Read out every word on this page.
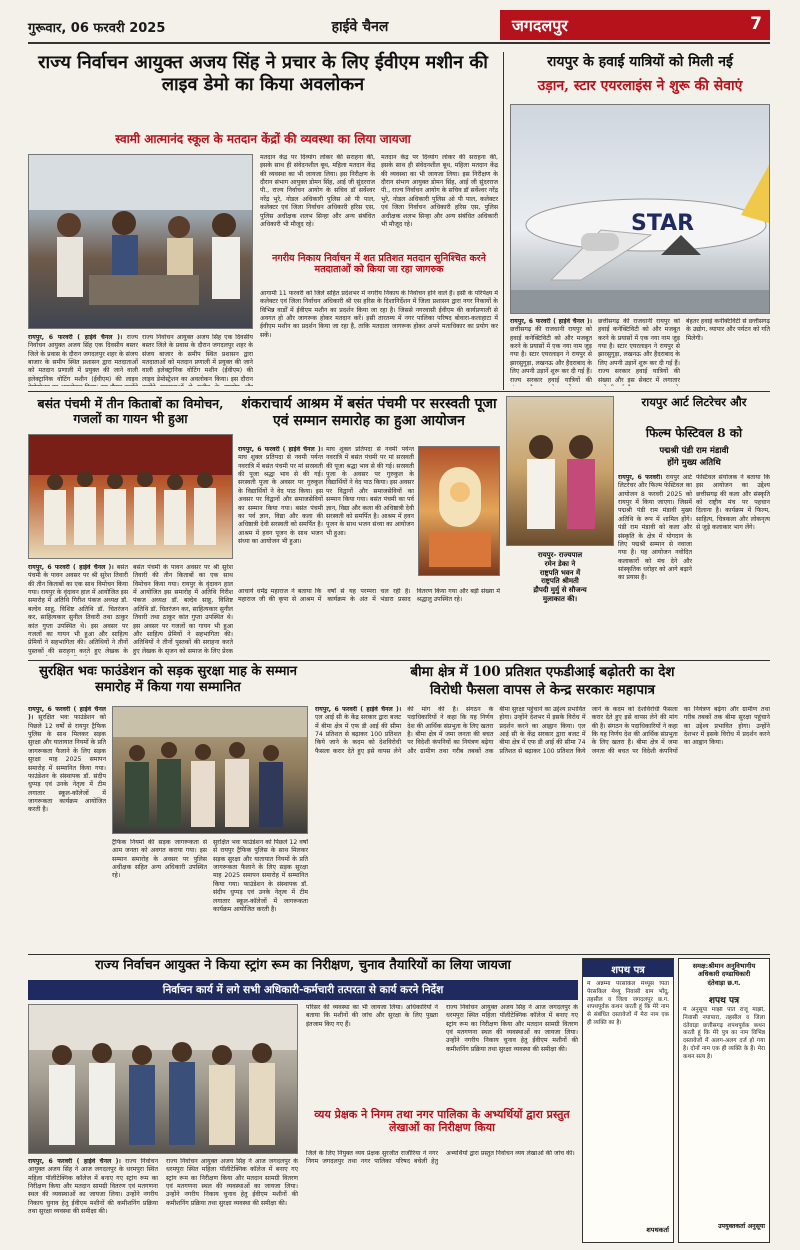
गुरूवार, 06 फरवरी 2025	हाईवे चैनल	जगदलपुर	7
राज्य निर्वाचन आयुक्त अजय सिंह ने प्रचार के लिए ईवीएम मशीन की लाइव डेमो का किया अवलोकन
स्वामी आत्मानंद स्कूल के मतदान केंद्रों की व्यवस्था का लिया जायजा
रायपुर, 6 फरवरी ( हाईवे चैनल )। राज्य निर्वाचन आयुक्त अजय सिंह एक दिवसीय बस्तर जिले के प्रवास के दौरान जगदलपुर शहर के संजय बाजार के समीप स्थित प्रशासन द्वारा मतदाताओं को मतदान प्रणाली में प्रयुक्त की जाने वाली इलेक्ट्रानिक वोटिंग मशीन (ईवीएम) की लाइव
राज्य निर्वाचन आयुक्त अजय सिंह एक दिवसीय बस्तर जिले के प्रवास के दौरान जगदलपुर शहर के संजय बाजार के समीप स्थित प्रशासन द्वारा मतदाताओं को मतदान प्रणाली में प्रयुक्त की जाने वाली इलेक्ट्रानिक वोटिंग मशीन (ईवीएम) की लाइव डेमोस्ट्रेशन का अवलोकन किया। इस दौरान
मतदान केंद्र पर दिव्यांग लोकर की सराहना की, इसके साथ ही संवेदनशील बूथ, महिला मतदान केंद्र की व्यवस्था का भी जायजा लिया। इस निरीक्षण के दौरान संभाग आयुक्त डोमन सिंह, आई जी सुंदरराज पी., राज्य निर्वाचन आयोग के सचिव डॉ सर्वेश्वर नरेंद्र भुरे, नोडल अधिकारी पुलिस ओ पी पाल, कलेक्टर एवं जिला निर्वाचन अधिकारी हरिस एस, पुलिस अधीक्षक शलभ सिन्हा और अन्य संबंधित अधिकारी भी मौजूद रहे।
मतदान केंद्र पर दिव्यांग लोकर की सराहना की, इसके साथ ही संवेदनशील बूथ, महिला मतदान केंद्र की व्यवस्था का भी जायजा लिया। इस निरीक्षण के दौरान संभाग आयुक्त डोमन सिंह, आई जी सुंदरराज पी., राज्य निर्वाचन आयोग के सचिव डॉ सर्वेश्वर नरेंद्र भुरे, नोडल अधिकारी पुलिस ओ पी पाल, कलेक्टर एवं जिला निर्वाचन अधिकारी हरिस एस, पुलिस अधीक्षक शलभ सिन्हा और अन्य संबंधित अधिकारी भी मौजूद रहे।
नगरीय निकाय निर्वाचन में शत प्रतिशत मतदान सुनिश्चित करने मतदाताओं को किया जा रहा जागरुक
आगामी 11 फरवरी को जिले सहित प्रदेशभर में नगरीय निकाय के निर्वाचन होने वाले हैं। इसी के परिपेक्ष्य में कलेक्टर एवं जिला निर्वाचन अधिकारी श्री एस हरिस के दिशानिर्देशन में जिला प्रशासन द्वारा नगर निकायों के विभिन्न वार्डों में ईवीएम मशीन का प्रदर्शन किया जा रहा है। जिससे नगरवासी ईवीएम की कार्यप्रणाली से अवगत हो और जागरूक होकर मतदान करें। इसी तारतम्य में नगर पालिका परिषद बोवारा-कलाहाटा में ईवीएम मशीन का प्रदर्शन किया जा रहा है, ताकि मतदाता जागरूक होकर अपने मताधिकार का प्रयोग कर सकें।
रायपुर के हवाई यात्रियों को मिली नई
उड़ान, स्टार एयरलाइंस ने शुरू की सेवाएं
STAR
रायपुर, 6 फरवरी ( हाईवे चैनल )। छत्तीसगढ़ की राजधानी रायपुर को हवाई कनेक्टिविटी को और मजबूत करने के प्रयासों में एक नया नाम जुड़ गया है। स्टार एयरलाइन ने रायपुर से झारसुगुड़ा, लखनऊ और हैदराबाद के लिए अपनी उड़ानें शुरू कर दी गई हैं। राज्य सरकार हवाई यात्रियों की
छत्तीसगढ़ की राजधानी रायपुर को हवाई कनेक्टिविटी को और मजबूत करने के प्रयासों में एक नया नाम जुड़ गया है। स्टार एयरलाइन ने रायपुर से झारसुगुड़ा, लखनऊ और हैदराबाद के लिए अपनी उड़ानें शुरू कर दी गई हैं। राज्य सरकार हवाई यात्रियों की संख्या और इस सेक्टर में लगातार
बेहतर हवाई कनेक्टिविटी से छत्तीसगढ़ के उद्योग, व्यापार और पर्यटन को गति मिलेगी।
बसंत पंचमी में तीन किताबों का विमोचन, गजलों का गायन भी हुआ
रायपुर, 6 फरवरी ( हाईवे चैनल )। बसंत पंचमी के पावन अवसर पर श्री सुरेश तिवारी की तीन किताबों का एक साथ विमोचन किया गया। रायपुर के वृंदावन हाल में आयोजित इस समारोह में अतिथि गिरीश पंकज अध्यक्ष डॉ. बल्देव साहू, विशिष्ट अतिथि डॉ. चितरंजन कर, साहित्यकार सुनील तिवारी तथा ठाकुर कांत गुप्ता उपस्थित थे। इस अवसर पर गजलों का गायन भी हुआ और साहित्य प्रेमियों ने सहभागिता की। अतिथियों ने तीनों पुस्तकों की सराहना करते हुए लेखक के
बसंत पंचमी के पावन अवसर पर श्री सुरेश तिवारी की तीन किताबों का एक साथ विमोचन किया गया। रायपुर के वृंदावन हाल में आयोजित इस समारोह में अतिथि गिरीश पंकज अध्यक्ष डॉ. बल्देव साहू, विशिष्ट अतिथि डॉ. चितरंजन कर, साहित्यकार सुनील तिवारी तथा ठाकुर कांत गुप्ता उपस्थित थे। इस अवसर पर गजलों का गायन भी हुआ और साहित्य प्रेमियों ने सहभागिता की। अतिथियों ने तीनों पुस्तकों की सराहना करते हुए लेखक के सृजन को समाज के लिए प्रेरक
शंकराचार्य आश्रम में बसंत पंचमी पर सरस्वती पूजा एवं सम्मान समारोह का हुआ आयोजन
रायपुर, 6 फरवरी ( हाईवे चैनल )। माघ शुक्ल प्रतिपदा से नवमी पर्यन्त नवरात्रि में बसंत पंचमी पर मां सरस्वती की पूजा श्रद्धा भाव से की गई। सरस्वती पूजा के अवसर पर गुरुकुल के विद्यार्थियों ने वेद पाठ किया। इस अवसर पर विद्वानों और समाजसेवियों का सम्मान किया गया। बसंत पंचमी का पर्व ज्ञान, विद्या और कला की अधिष्ठात्री देवी सरस्वती को समर्पित है। आश्रम में हवन पूजन के साथ भजन संध्या का आयोजन भी हुआ।
माघ शुक्ल प्रतिपदा से नवमी पर्यन्त नवरात्रि में बसंत पंचमी पर मां सरस्वती की पूजा श्रद्धा भाव से की गई। सरस्वती पूजा के अवसर पर गुरुकुल के विद्यार्थियों ने वेद पाठ किया। इस अवसर पर विद्वानों और समाजसेवियों का सम्मान किया गया। बसंत पंचमी का पर्व ज्ञान, विद्या और कला की अधिष्ठात्री देवी सरस्वती को समर्पित है। आश्रम में हवन पूजन के साथ भजन संध्या का आयोजन भी हुआ।
आचार्य धर्मेंद्र महाराज ने बताया कि महाराज जी की कृपा से आश्रम में वर्षों से यह परम्परा चल रही है। कार्यक्रम के अंत में भंडारा प्रसाद वितरण किया गया और बड़ी संख्या में श्रद्धालु उपस्थित रहे।
रायपुर- राज्यपाल
रमेन डेका ने
राष्ट्रपति भवन में
राष्ट्रपति श्रीमती
द्रौपदी मुर्मु से सौजन्य
मुलाकात की।
रायपुर आर्ट लिटरेचर और
फिल्म फेस्टिवल 8 को
पद्मश्री पंडी राम मंडावी
होंगे मुख्य अतिथि
रायपुर, 6 फरवरी। रायपुर आर्ट लिटरेचर और फिल्म फेस्टिवल का आयोजन 8 फरवरी 2025 को रायपुर में किया जाएगा। जिसमें पद्मश्री पंडी राम मंडावी मुख्य अतिथि के रूप में शामिल होंगे। पंडी राम मंडावी को कला और संस्कृति के क्षेत्र में योगदान के लिए पद्मश्री सम्मान से नवाजा गया है। यह आयोजन नवोदित कलाकारों को मंच देने और सांस्कृतिक धरोहर को आगे बढ़ाने का प्रयास है।
फेस्टिवल संयोजक ने बताया कि इस आयोजन का उद्देश्य छत्तीसगढ़ की कला और संस्कृति को राष्ट्रीय मंच पर पहचान दिलाना है। कार्यक्रम में फिल्म, साहित्य, चित्रकला और लोकनृत्य से जुड़े कलाकार भाग लेंगे।
सुरक्षित भवः फाउंडेशन को सड़क सुरक्षा माह के सम्मान समारोह में किया गया सम्मानित
रायपुर, 6 फरवरी ( हाईवे चैनल )। सुरक्षित भवः फाउंडेशन को पिछले 12 वर्षों से रायपुर ट्रैफिक पुलिस के साथ मिलकर सड़क सुरक्षा और यातायात नियमों के प्रति जागरूकता फैलाने के लिए सड़क सुरक्षा माह 2025 समापन समारोह में सम्मानित किया गया। फाउंडेशन के संस्थापक डॉ. संदीप धुप्पड़ एवं उनके नेतृत्व में टीम लगातार स्कूल-कॉलेजों में जागरूकता कार्यक्रम आयोजित करती है।
ट्रैफिक नियमों की सड़क जागरूकता से आम जनता को अवगत कराया गया। इस सम्मान समारोह के अवसर पर पुलिस अधीक्षक सहित अन्य अधिकारी उपस्थित रहे।
सुरक्षित भवः फाउंडेशन को पिछले 12 वर्षों से रायपुर ट्रैफिक पुलिस के साथ मिलकर सड़क सुरक्षा और यातायात नियमों के प्रति जागरूकता फैलाने के लिए सड़क सुरक्षा माह 2025 समापन समारोह में सम्मानित किया गया। फाउंडेशन के संस्थापक डॉ. संदीप धुप्पड़ एवं उनके नेतृत्व में टीम लगातार स्कूल-कॉलेजों में जागरूकता कार्यक्रम आयोजित करती है।
बीमा क्षेत्र में 100 प्रतिशत एफडीआई बढ़ोतरी का देश
विरोधी फैसला वापस ले केन्द्र सरकारः महापात्र
रायपुर, 6 फरवरी ( हाईवे चैनल )। एल आई सी के केंद्र सरकार द्वारा बजट में बीमा क्षेत्र में एफ डी आई की सीमा 74 प्रतिशत से बढ़ाकर 100 प्रतिशत किये जाने के कदम को देशविरोधी फैसला करार देते हुए इसे वापस लेने की मांग की है। संगठन के पदाधिकारियों ने कहा कि यह निर्णय देश की आर्थिक संप्रभुता के लिए खतरा है। बीमा क्षेत्र में जमा जनता की बचत पर विदेशी कंपनियों का नियंत्रण बढ़ेगा और ग्रामीण तथा गरीब तबकों तक बीमा सुरक्षा पहुंचाने का उद्देश्य प्रभावित होगा। उन्होंने देशभर में इसके विरोध में प्रदर्शन करने का आह्वान किया। एल आई सी के केंद्र सरकार द्वारा बजट में बीमा क्षेत्र में एफ डी आई की सीमा 74 प्रतिशत से बढ़ाकर 100 प्रतिशत किये जाने के कदम को देशविरोधी फैसला करार देते हुए इसे वापस लेने की मांग की है। संगठन के पदाधिकारियों ने कहा कि यह निर्णय देश की आर्थिक संप्रभुता के लिए खतरा है। बीमा क्षेत्र में जमा जनता की बचत पर विदेशी कंपनियों का नियंत्रण बढ़ेगा और ग्रामीण तथा गरीब तबकों तक बीमा सुरक्षा पहुंचाने का उद्देश्य प्रभावित होगा। उन्होंने देशभर में इसके विरोध में प्रदर्शन करने का आह्वान किया।
राज्य निर्वाचन आयुक्त ने किया स्ट्रांग रूम का निरीक्षण, चुनाव तैयारियों का लिया जायजा
निर्वाचन कार्य में लगे सभी अधिकारी-कर्मचारी तत्परता से कार्य करने निर्देश
रायपुर, 6 फरवरी ( हाईवे चैनल )। राज्य निर्वाचन आयुक्त अजय सिंह ने आज जगदलपुर के धरमपुरा स्थित महिला पॉलीटेक्निक कॉलेज में बनाए गए स्ट्रांग रूम का निरीक्षण किया और मतदान सामग्री वितरण एवं मतगणना स्थल की व्यवस्थाओं का जायजा लिया। उन्होंने नगरीय निकाय चुनाव हेतु ईवीएम मशीनों की कमीशनिंग प्रक्रिया तथा सुरक्षा व्यवस्था की समीक्षा की।
राज्य निर्वाचन आयुक्त अजय सिंह ने आज जगदलपुर के धरमपुरा स्थित महिला पॉलीटेक्निक कॉलेज में बनाए गए स्ट्रांग रूम का निरीक्षण किया और मतदान सामग्री वितरण एवं मतगणना स्थल की व्यवस्थाओं का जायजा लिया। उन्होंने नगरीय निकाय चुनाव हेतु ईवीएम मशीनों की कमीशनिंग प्रक्रिया तथा सुरक्षा व्यवस्था की समीक्षा की।
परिसर की व्यवस्था का भी जायजा लिया। अधिकारियों ने बताया कि मशीनों की जांच और सुरक्षा के लिए पुख्ता इंतजाम किए गए हैं।
राज्य निर्वाचन आयुक्त अजय सिंह ने आज जगदलपुर के धरमपुरा स्थित महिला पॉलीटेक्निक कॉलेज में बनाए गए स्ट्रांग रूम का निरीक्षण किया और मतदान सामग्री वितरण एवं मतगणना स्थल की व्यवस्थाओं का जायजा लिया। उन्होंने नगरीय निकाय चुनाव हेतु ईवीएम मशीनों की कमीशनिंग प्रक्रिया तथा सुरक्षा व्यवस्था की समीक्षा की।
व्यय प्रेक्षक ने निगम तथा नगर पालिका के अभ्यर्थियों द्वारा प्रस्तुत लेखाओं का निरीक्षण किया
जिले के लिए नियुक्त व्यय प्रेक्षक सुरजीत राजौरिया ने नगर निगम जगदलपुर तथा नगर पालिका परिषद बचेली हेतु अभ्यर्थियों द्वारा प्रस्तुत निर्वाचन व्यय लेखाओं की जांच की।
शपथ पत्र
मैं अन्नम्मा पेरसकिल मेथ्यूस पिता पेरसकिल मेथ्यू निवासी ग्राम भोंदू, तहसील व जिला जगदलपुर छ.ग. शपथपूर्वक कथन करती हूं कि मेरे नाम से संबंधित दस्तावेजों में मेरा नाम एक ही व्यक्ति का है।
शपथकर्ता
समक्ष:श्रीमान अनुविभागीय
अधिकारी दण्डाधिकारी
दंतेवाड़ा छ.ग.
शपथ पत्र
मैं अनुसूया मांझी पति राजू मांझी, निवासी नयापारा, तहसील व जिला दंतेवाड़ा छत्तीसगढ़ शपथपूर्वक कथन करती हूं कि मेरे पुत्र का नाम विभिन्न दस्तावेजों में अलग-अलग दर्ज हो गया है। दोनों नाम एक ही व्यक्ति के हैं। मेरा कथन सत्य है।
उपयुक्तकर्ता अनुसूया
